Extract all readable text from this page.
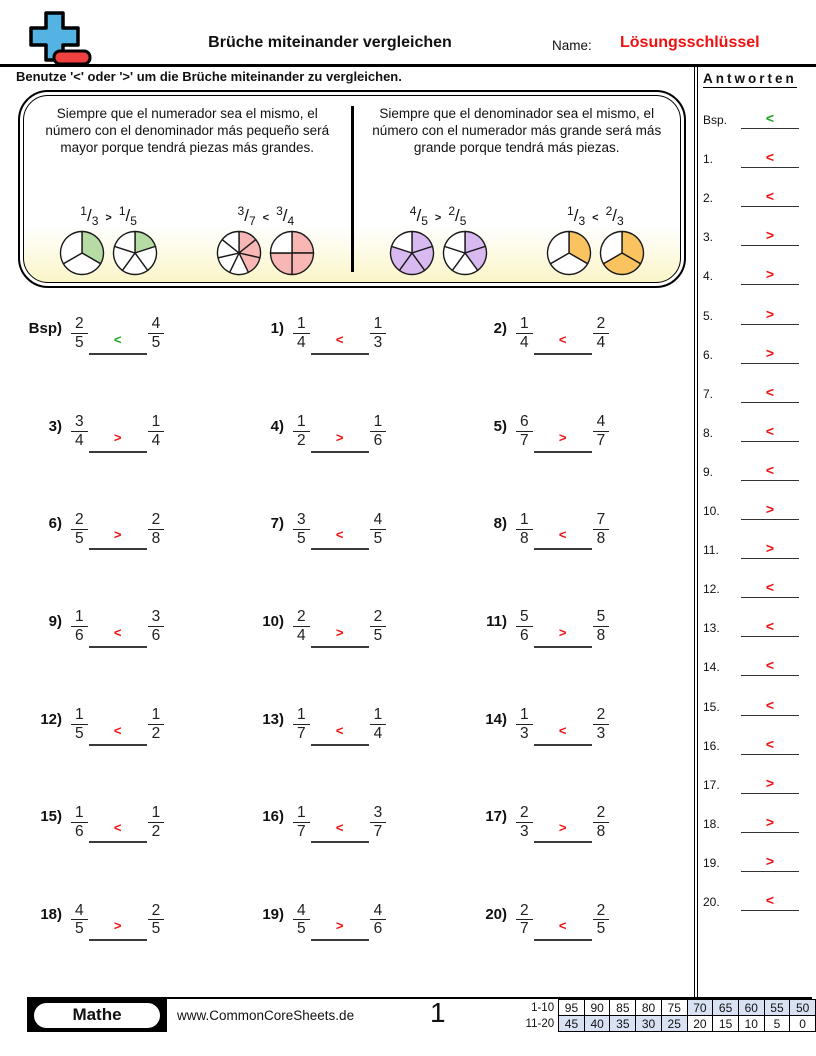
Brüche miteinander vergleichen	Name: Lösungsschlüssel
Benutze '<' oder '>' um die Brüche miteinander zu vergleichen.

Siempre que el numerador sea el mismo, el número con el denominador más pequeño será mayor porque tendrá piezas más grandes.

1/3 > 1/5
3/7 < 3/4

Siempre que el denominador sea el mismo, el número con el numerador más grande será más grande porque tendrá más piezas.

4/5 > 2/5
1/3 < 2/3
$Bsp) \frac{2}{5} < \frac{4}{5}$	$1) \frac{1}{4} < \frac{1}{3}$	$2) \frac{1}{4} < \frac{2}{4}$
$3) \frac{3}{4} > \frac{1}{4}$	$4) \frac{1}{2} > \frac{1}{6}$	$5) \frac{6}{7} > \frac{4}{7}$
$6) \frac{2}{5} > \frac{2}{8}$	$7) \frac{3}{5} < \frac{4}{5}$	$8) \frac{1}{8} < \frac{7}{8}$
$9) \frac{1}{6} < \frac{3}{6}$	$10) \frac{2}{4} > \frac{2}{5}$	$11) \frac{5}{6} > \frac{5}{8}$
$12) \frac{1}{5} < \frac{1}{2}$	$13) \frac{1}{7} < \frac{1}{4}$	$14) \frac{1}{3} < \frac{2}{3}$
$15) \frac{1}{6} < \frac{1}{2}$	$16) \frac{1}{7} < \frac{3}{7}$	$17) \frac{2}{3} > \frac{2}{8}$
$18) \frac{4}{5} > \frac{2}{5}$	$19) \frac{4}{5} > \frac{4}{6}$	$20) \frac{2}{7} < \frac{2}{5}$
Antworten
Bsp.	<
1.	<
2.	<
3.	>
4.	>
5.	>
6.	>
7.	<
8.	<
9.	<
10.	>
11.	>
12.	<
13.	<
14.	<
15.	<
16.	<
17.	>
18.	>
19.	>
20.	<
Mathe	www.CommonCoreSheets.de	1	1-10	95	90	85	80	75	70	65	60	55	50
11-20	45	40	35	30	25	20	15	10	5	0
